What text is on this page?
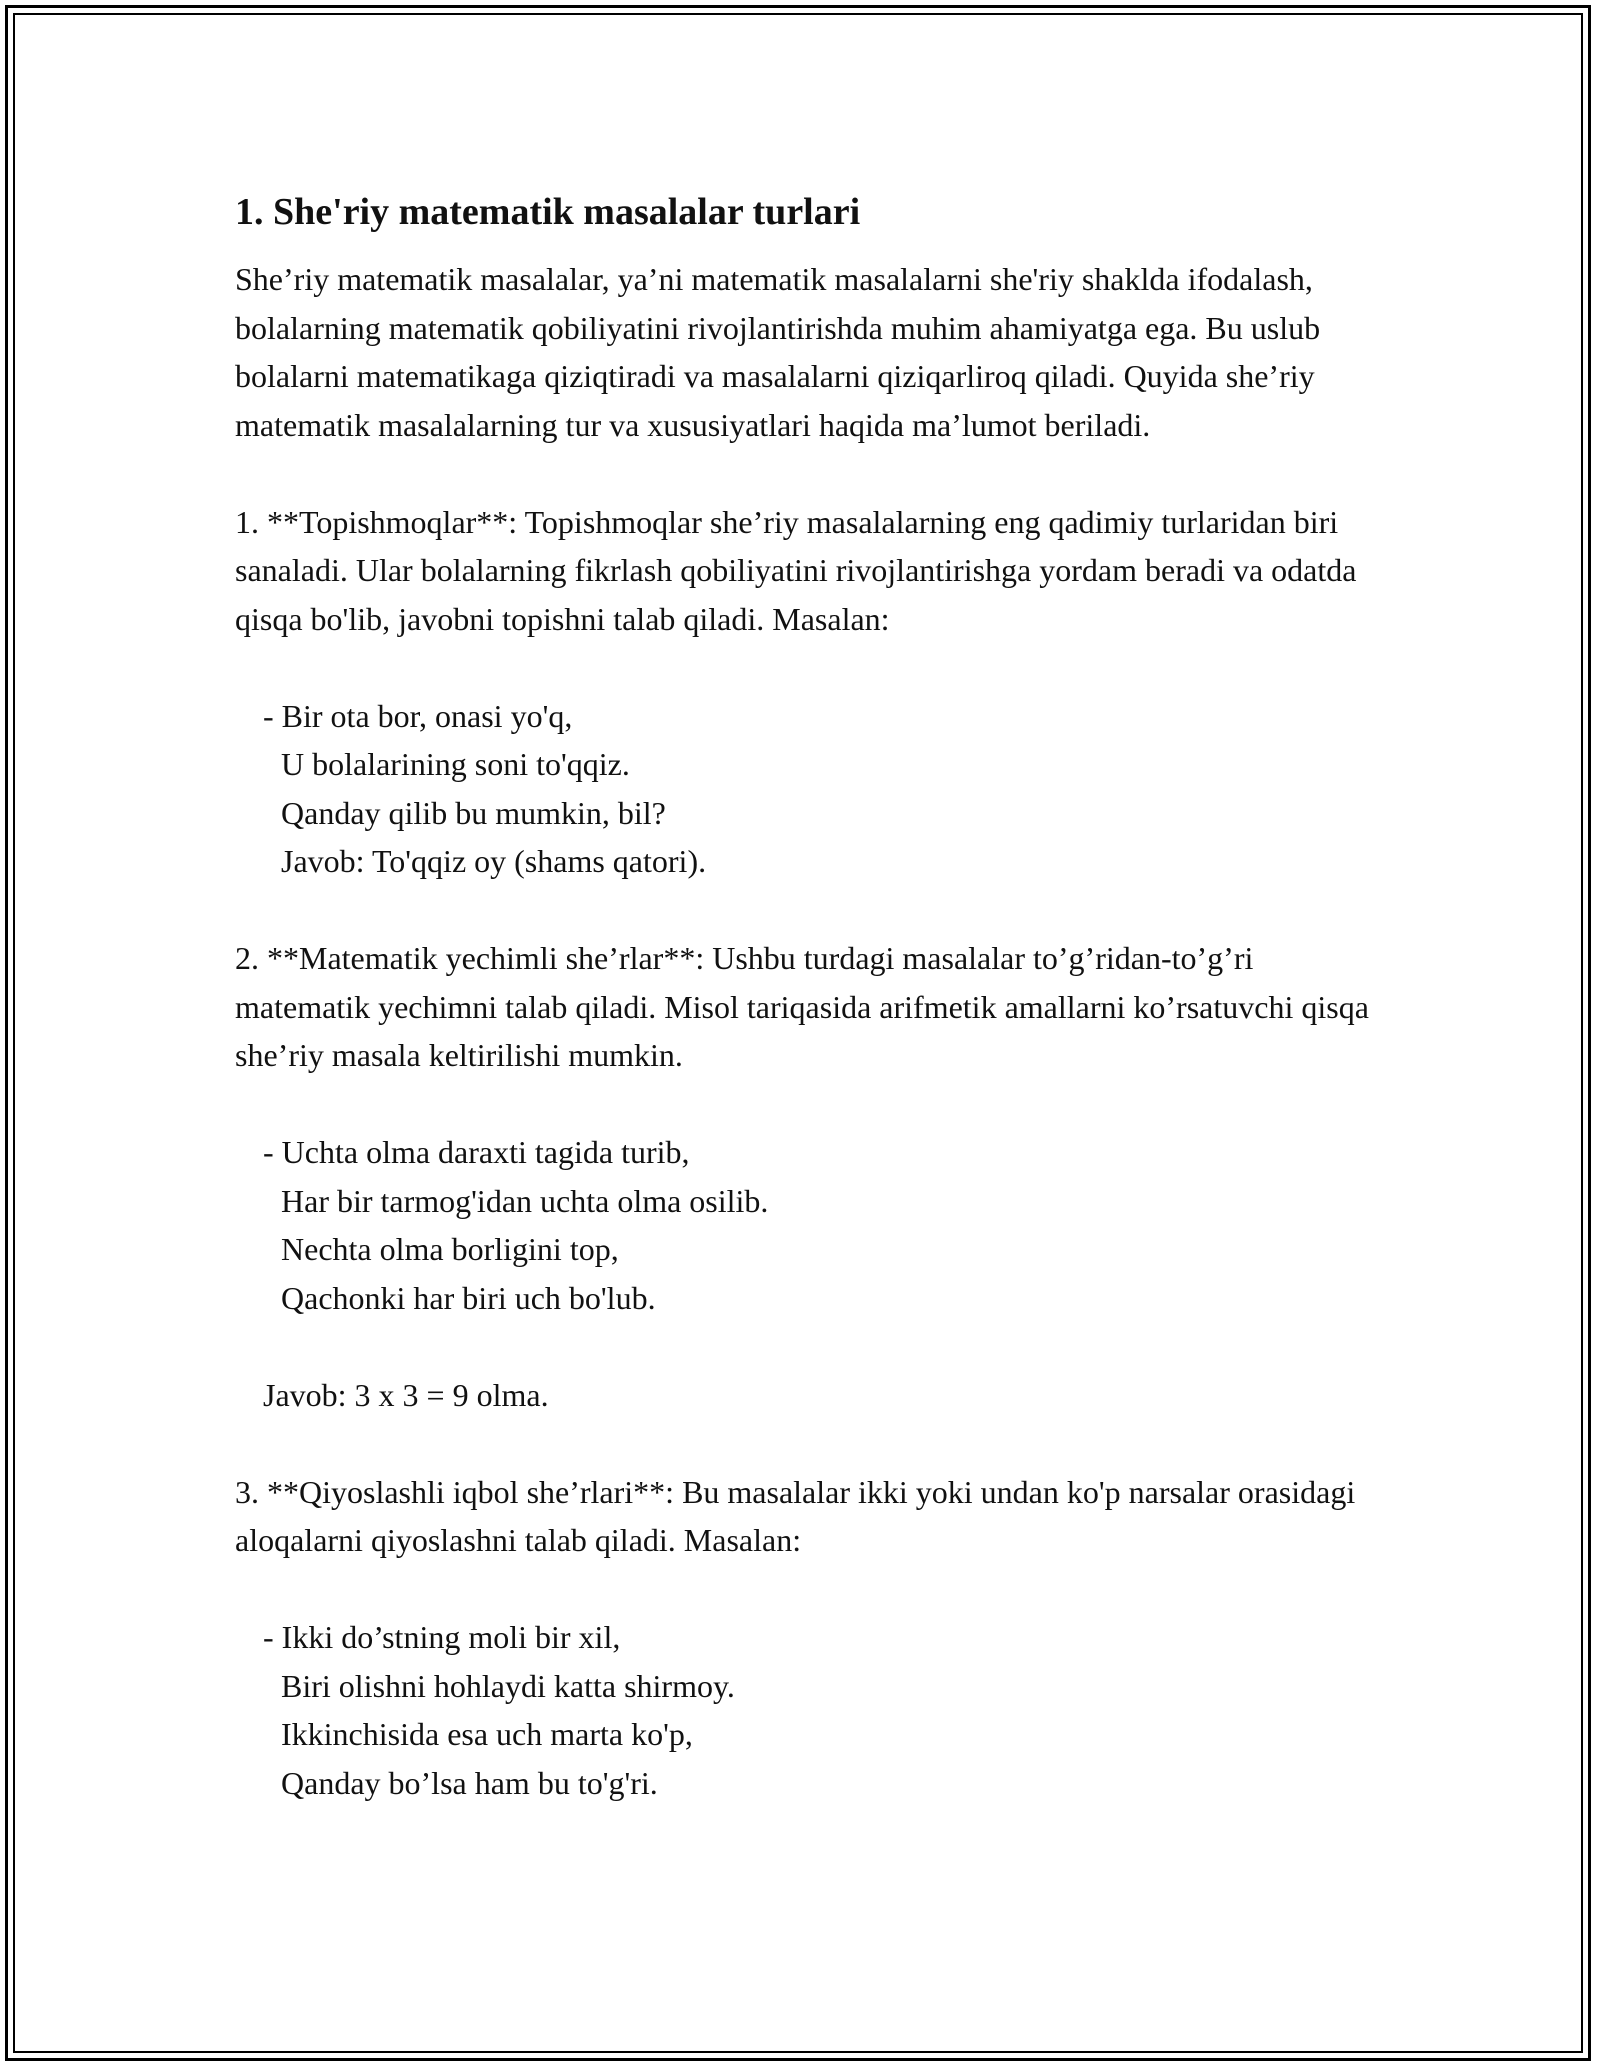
1. She'riy matematik masalalar turlari

She’riy matematik masalalar, ya’ni matematik masalalarni she'riy shaklda ifodalash, bolalarning matematik qobiliyatini rivojlantirishda muhim ahamiyatga ega. Bu uslub bolalarni matematikaga qiziqtiradi va masalalarni qiziqarliroq qiladi. Quyida she’riy matematik masalalarning tur va xususiyatlari haqida ma’lumot beriladi.

1. **Topishmoqlar**: Topishmoqlar she’riy masalalarning eng qadimiy turlaridan biri sanaladi. Ular bolalarning fikrlash qobiliyatini rivojlantirishga yordam beradi va odatda qisqa bo'lib, javobni topishni talab qiladi. Masalan:

- Bir ota bor, onasi yo'q,

U bolalarining soni to'qqiz.

Qanday qilib bu mumkin, bil?

Javob: To'qqiz oy (shams qatori).

2. **Matematik yechimli she’rlar**: Ushbu turdagi masalalar to’g’ridan-to’g’ri matematik yechimni talab qiladi. Misol tariqasida arifmetik amallarni ko’rsatuvchi qisqa she’riy masala keltirilishi mumkin.

- Uchta olma daraxti tagida turib,

Har bir tarmog'idan uchta olma osilib.

Nechta olma borligini top,

Qachonki har biri uch bo'lub.

Javob: 3 x 3 = 9 olma.

3. **Qiyoslashli iqbol she’rlari**: Bu masalalar ikki yoki undan ko'p narsalar orasidagi aloqalarni qiyoslashni talab qiladi. Masalan:

- Ikki do’stning moli bir xil,

Biri olishni hohlaydi katta shirmoy.

Ikkinchisida esa uch marta ko'p,

Qanday bo’lsa ham bu to'g'ri.
